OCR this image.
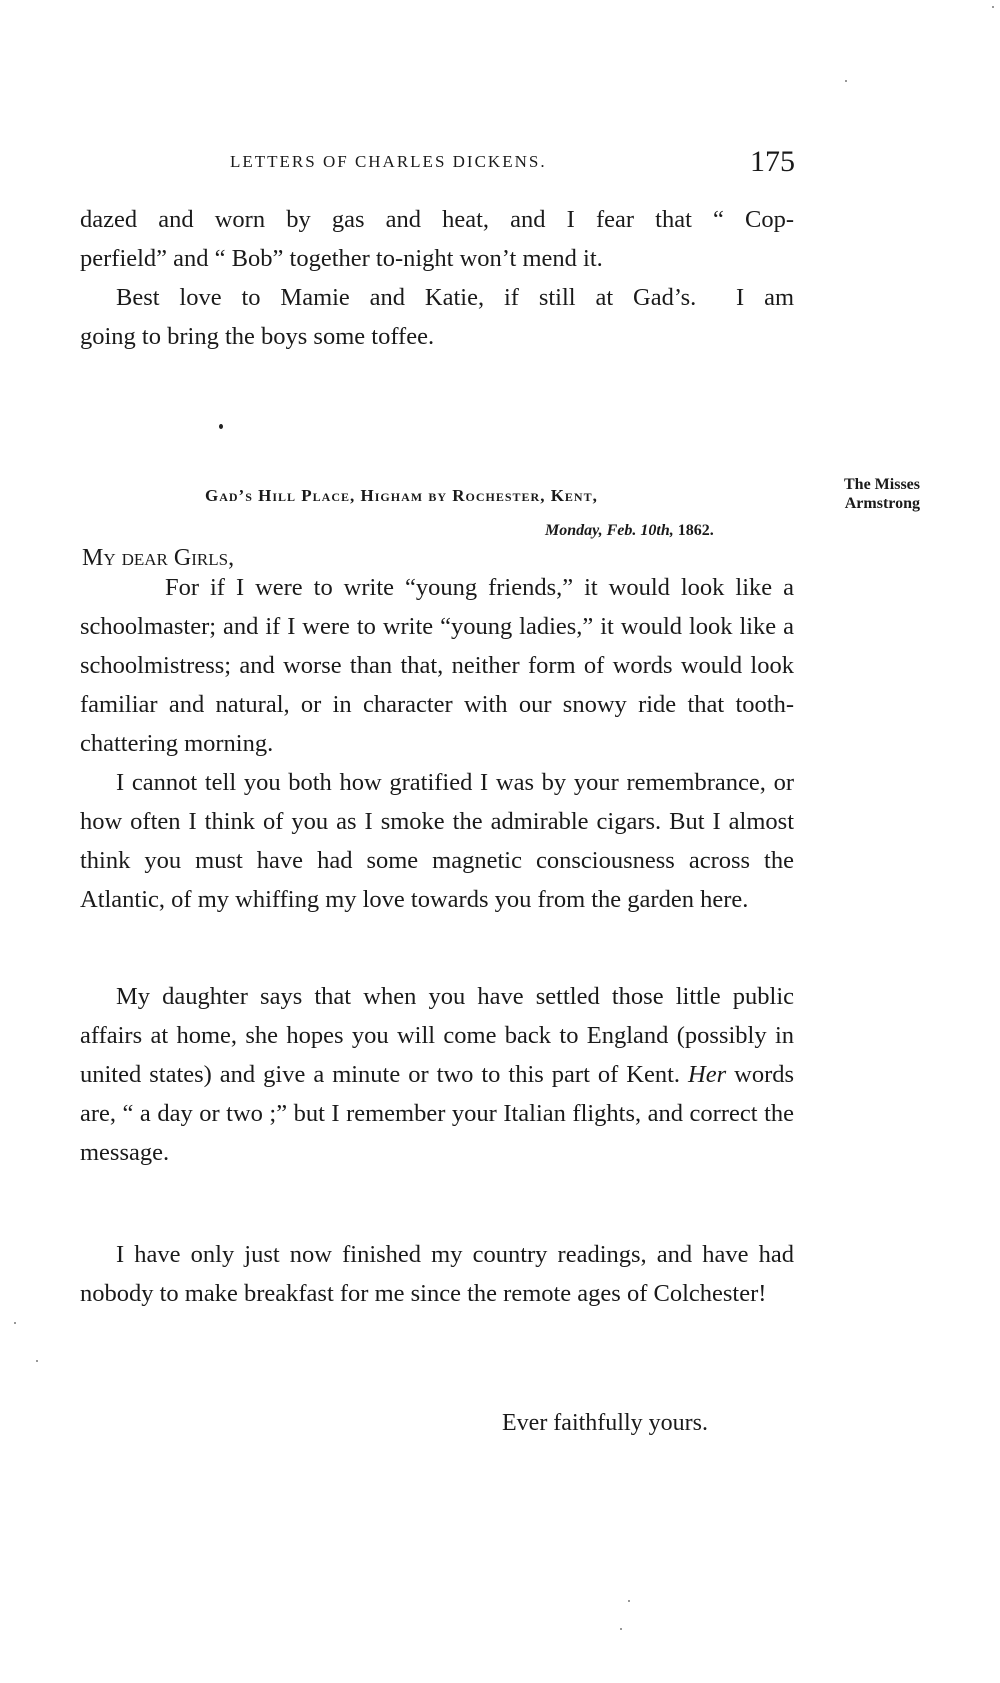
LETTERS OF CHARLES DICKENS.	175
dazed and worn by gas and heat, and I fear that “ Cop-
perfield” and “ Bob” together to-night won’t mend it.
Best love to Mamie and Katie, if still at Gad’s.  I am
going to bring the boys some toffee.
Gad’s Hill Place, Higham by Rochester, Kent,
Monday, Feb. 10th, 1862.
The Misses
Armstrong
My dear Girls,

For if I were to write “young friends,” it would look like a schoolmaster; and if I were to write “young ladies,” it would look like a schoolmistress; and worse than that, neither form of words would look familiar and natural, or in character with our snowy ride that tooth-chattering morning.

I cannot tell you both how gratified I was by your remembrance, or how often I think of you as I smoke the admirable cigars. But I almost think you must have had some magnetic consciousness across the Atlantic, of my whiffing my love towards you from the garden here.

My daughter says that when you have settled those little public affairs at home, she hopes you will come back to England (possibly in united states) and give a minute or two to this part of Kent. Her words are, “ a day or two ;” but I remember your Italian flights, and correct the message.

I have only just now finished my country readings, and have had nobody to make breakfast for me since the remote ages of Colchester!

Ever faithfully yours.
